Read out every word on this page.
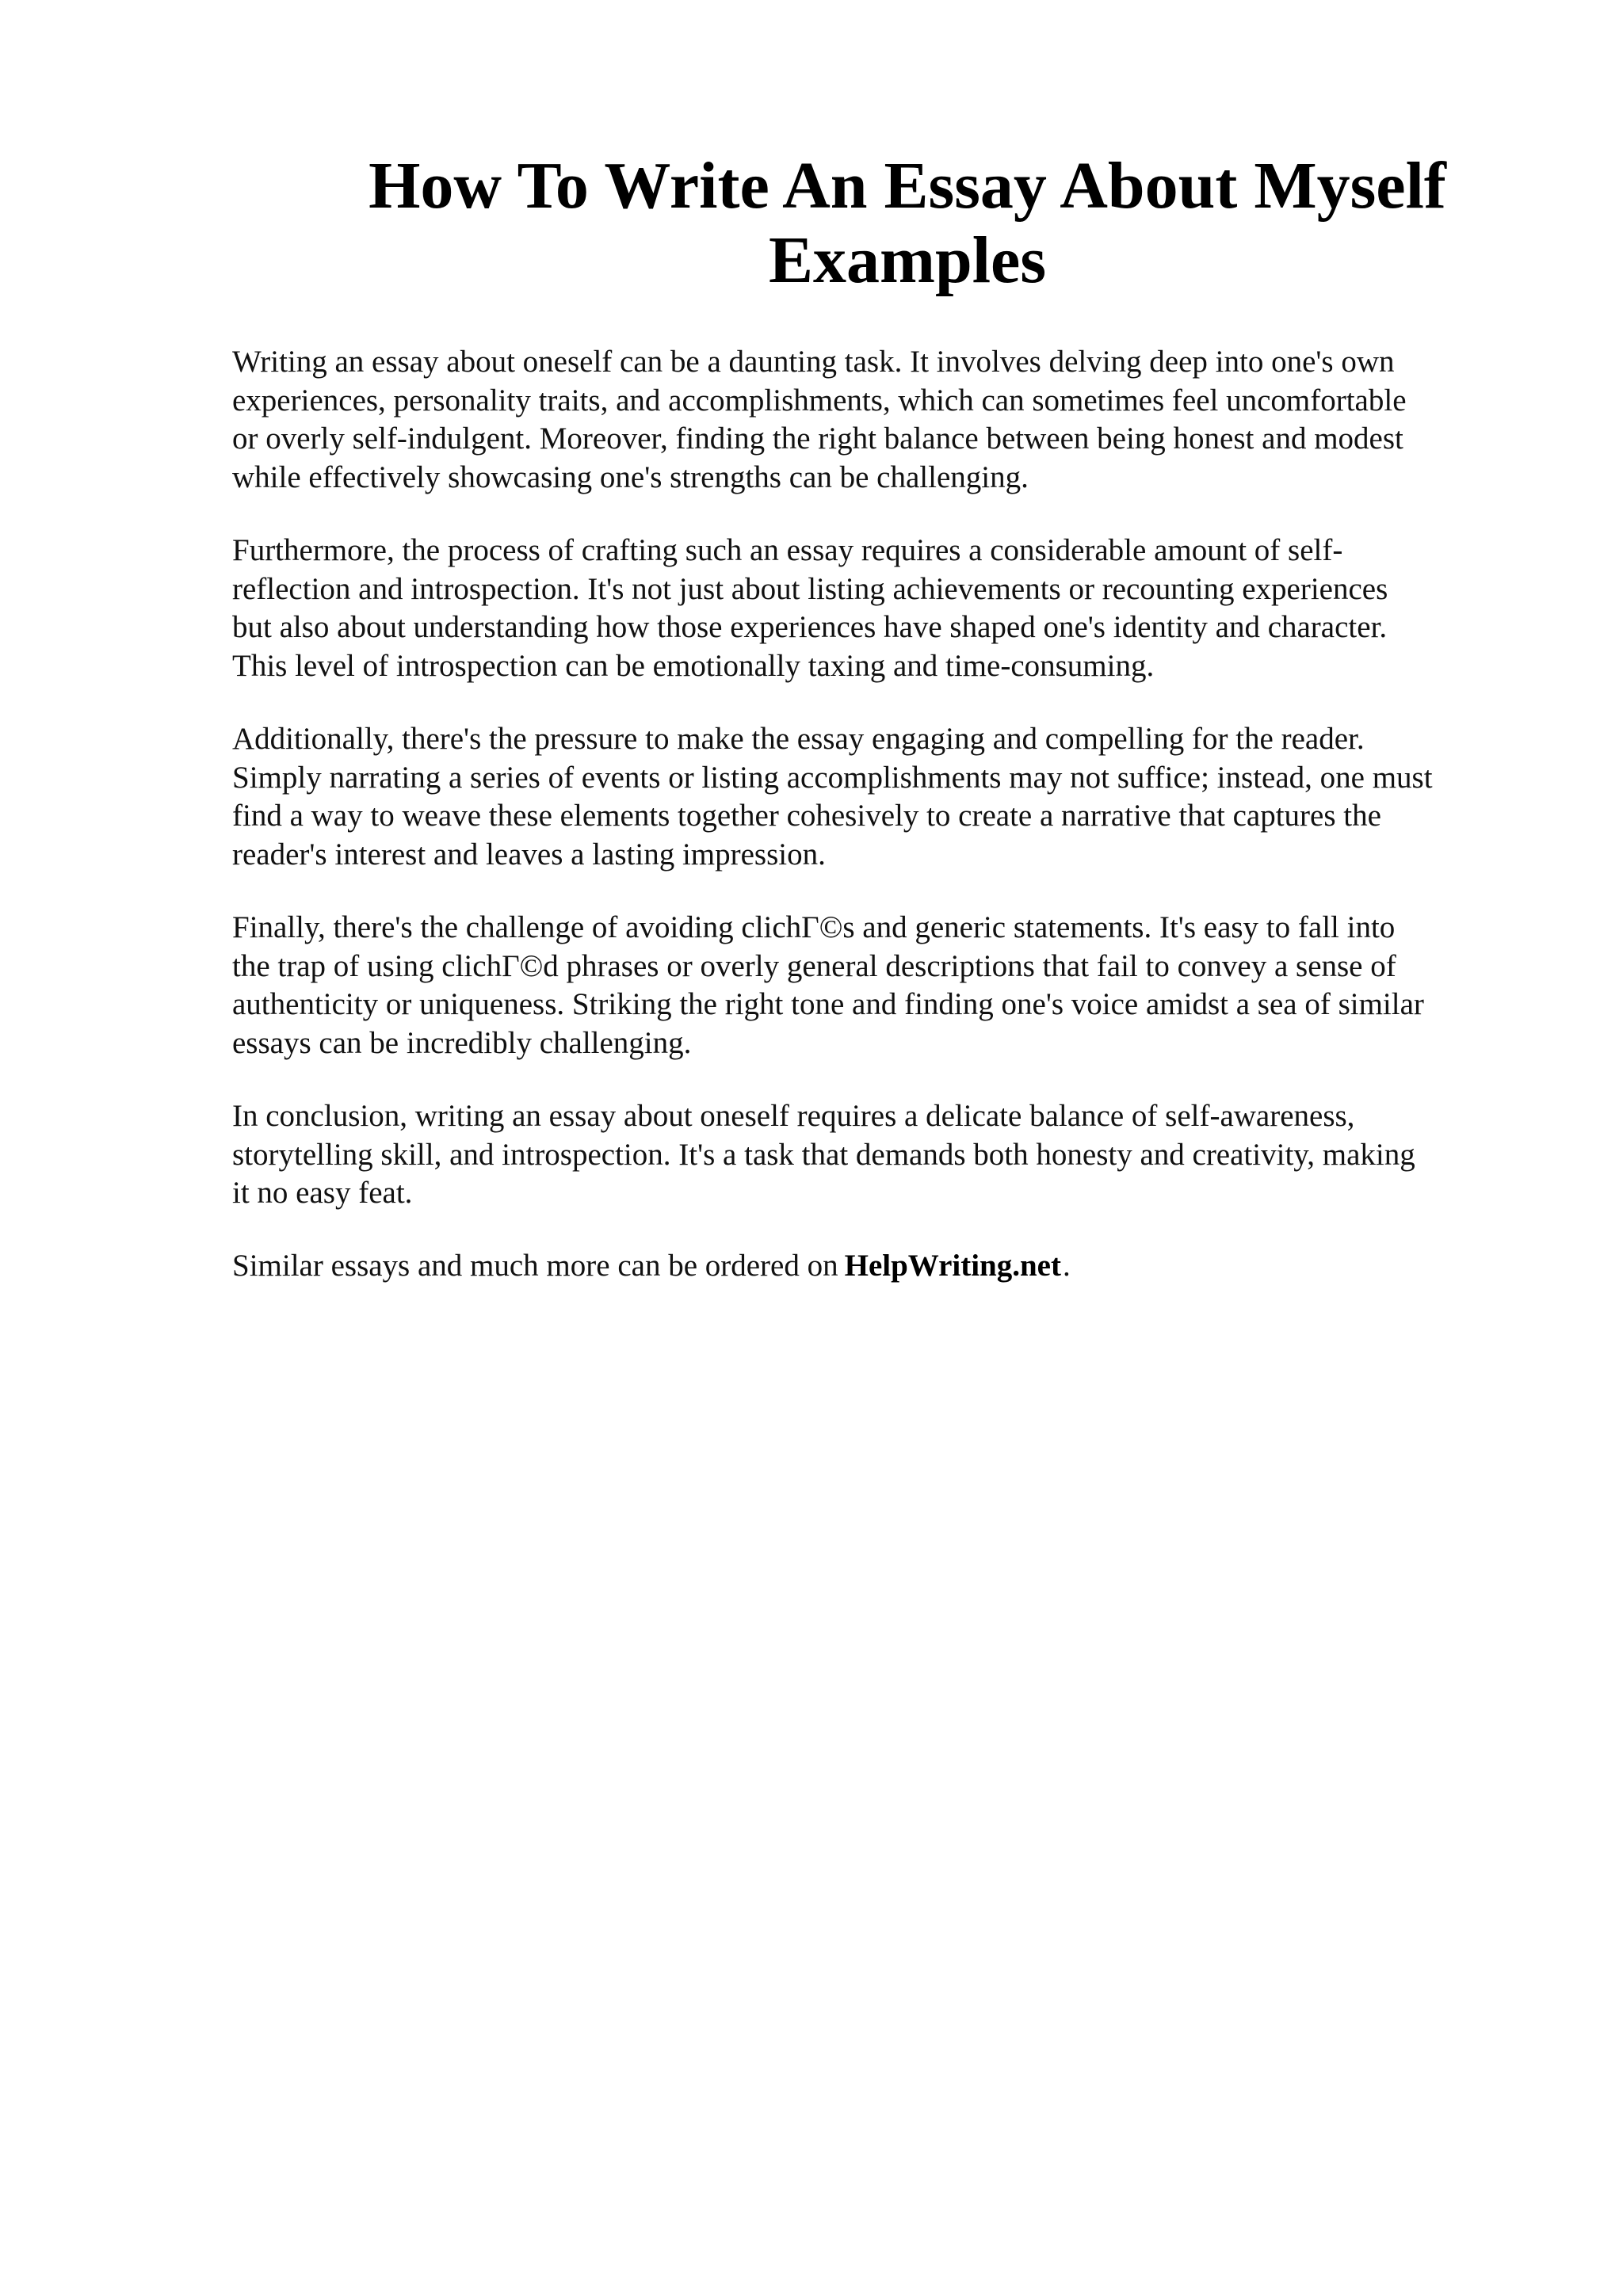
How To Write An Essay About Myself
Examples

Writing an essay about oneself can be a daunting task. It involves delving deep into one's own
experiences, personality traits, and accomplishments, which can sometimes feel uncomfortable
or overly self-indulgent. Moreover, finding the right balance between being honest and modest
while effectively showcasing one's strengths can be challenging.

Furthermore, the process of crafting such an essay requires a considerable amount of self-
reflection and introspection. It's not just about listing achievements or recounting experiences
but also about understanding how those experiences have shaped one's identity and character.
This level of introspection can be emotionally taxing and time-consuming.

Additionally, there's the pressure to make the essay engaging and compelling for the reader.
Simply narrating a series of events or listing accomplishments may not suffice; instead, one must
find a way to weave these elements together cohesively to create a narrative that captures the
reader's interest and leaves a lasting impression.

Finally, there's the challenge of avoiding clichΓ©s and generic statements. It's easy to fall into
the trap of using clichΓ©d phrases or overly general descriptions that fail to convey a sense of
authenticity or uniqueness. Striking the right tone and finding one's voice amidst a sea of similar
essays can be incredibly challenging.

In conclusion, writing an essay about oneself requires a delicate balance of self-awareness,
storytelling skill, and introspection. It's a task that demands both honesty and creativity, making
it no easy feat.

Similar essays and much more can be ordered on HelpWriting.net.
